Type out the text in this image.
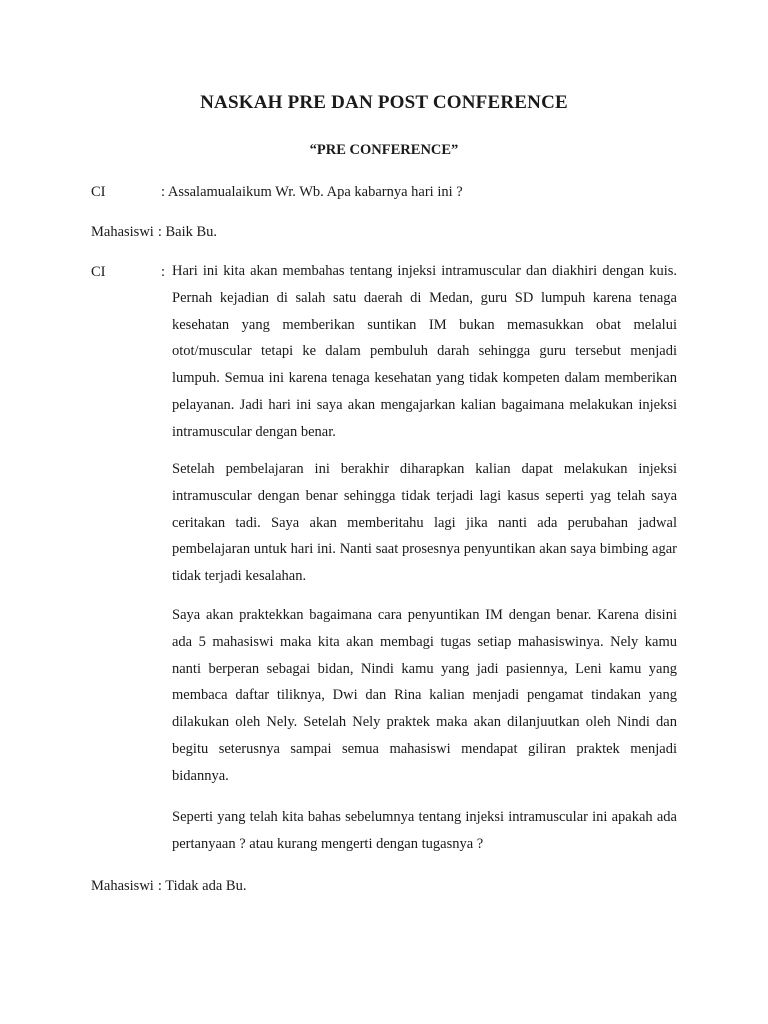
NASKAH PRE DAN POST CONFERENCE
“PRE CONFERENCE”
CI	: Assalamualaikum Wr. Wb. Apa kabarnya hari ini ?
Mahasiswi : Baik Bu.
CI	: Hari ini kita akan membahas tentang injeksi intramuscular dan diakhiri dengan kuis. Pernah kejadian di salah satu daerah di Medan, guru SD lumpuh karena tenaga kesehatan yang memberikan suntikan IM bukan memasukkan obat melalui otot/muscular tetapi ke dalam pembuluh darah sehingga guru tersebut menjadi lumpuh. Semua ini karena tenaga kesehatan yang tidak kompeten dalam memberikan pelayanan. Jadi hari ini saya akan mengajarkan kalian bagaimana melakukan injeksi intramuscular dengan benar.

Setelah pembelajaran ini berakhir diharapkan kalian dapat melakukan injeksi intramuscular dengan benar sehingga tidak terjadi lagi kasus seperti yag telah saya ceritakan tadi. Saya akan memberitahu lagi jika nanti ada perubahan jadwal pembelajaran untuk hari ini. Nanti saat prosesnya penyuntikan akan saya bimbing agar tidak terjadi kesalahan.

Saya akan praktekkan bagaimana cara penyuntikan IM dengan benar. Karena disini ada 5 mahasiswi maka kita akan membagi tugas setiap mahasiswinya. Nely kamu nanti berperan sebagai bidan, Nindi kamu yang jadi pasiennya, Leni kamu yang membaca daftar tiliknya, Dwi dan Rina kalian menjadi pengamat tindakan yang dilakukan oleh Nely. Setelah Nely praktek maka akan dilanjuutkan oleh Nindi dan begitu seterusnya sampai semua mahasiswi mendapat giliran praktek menjadi bidannya.

Seperti yang telah kita bahas sebelumnya tentang injeksi intramuscular ini apakah ada pertanyaan ? atau kurang mengerti dengan tugasnya ?

Mahasiswi : Tidak ada Bu.
